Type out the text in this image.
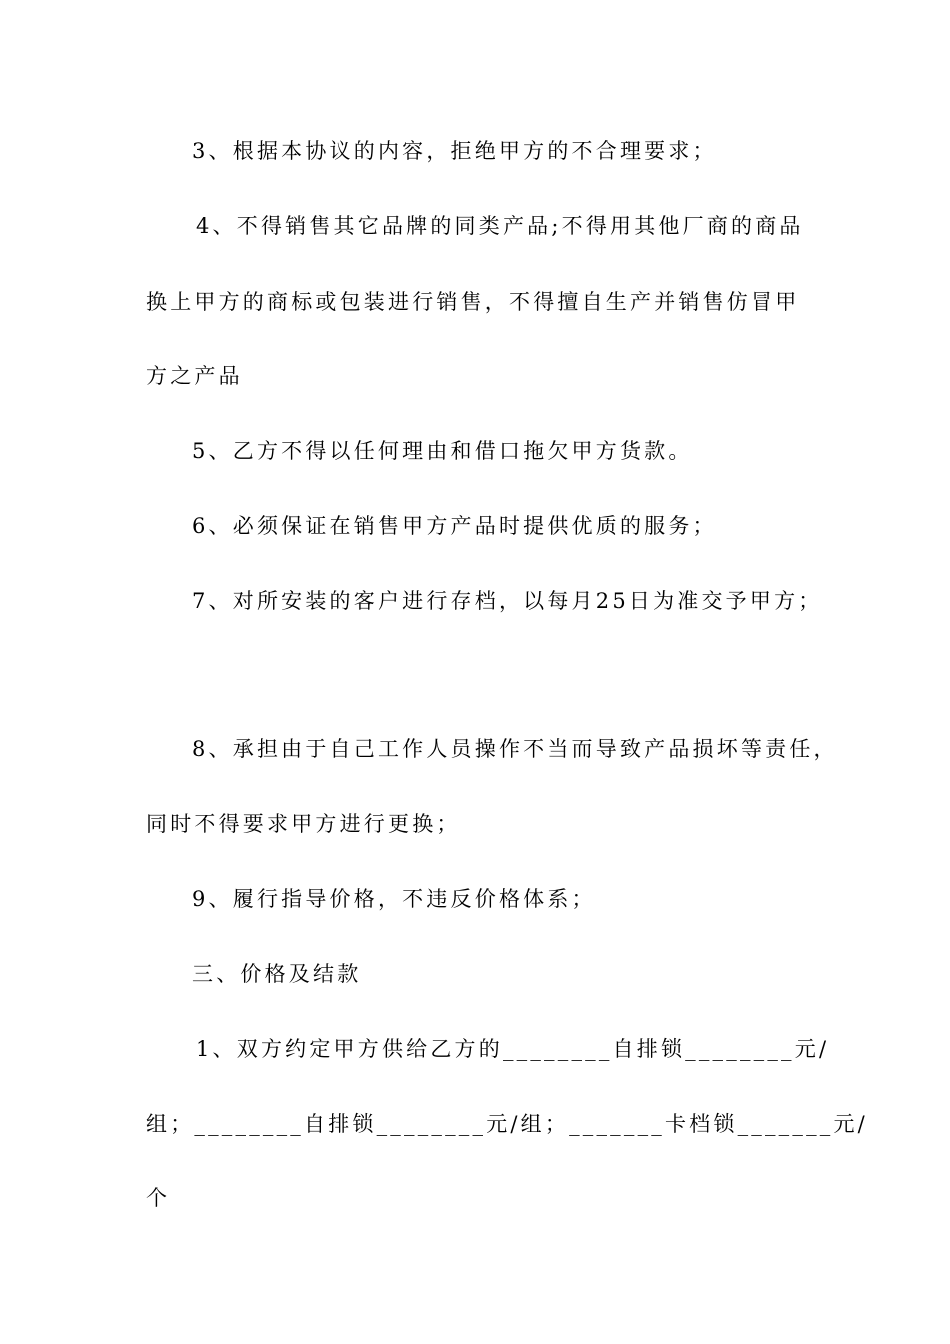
3、根据本协议的内容，拒绝甲方的不合理要求；
4、不得销售其它品牌的同类产品;不得用其他厂商的商品
换上甲方的商标或包装进行销售，不得擅自生产并销售仿冒甲
方之产品
5、乙方不得以任何理由和借口拖欠甲方货款。
6、必须保证在销售甲方产品时提供优质的服务；
7、对所安装的客户进行存档，以每月25日为准交予甲方；
8、承担由于自己工作人员操作不当而导致产品损坏等责任，
同时不得要求甲方进行更换；
9、履行指导价格，不违反价格体系；
三、价格及结款
1、双方约定甲方供给乙方的________自排锁________元/
组；________自排锁________元/组；_______卡档锁_______元/
个
